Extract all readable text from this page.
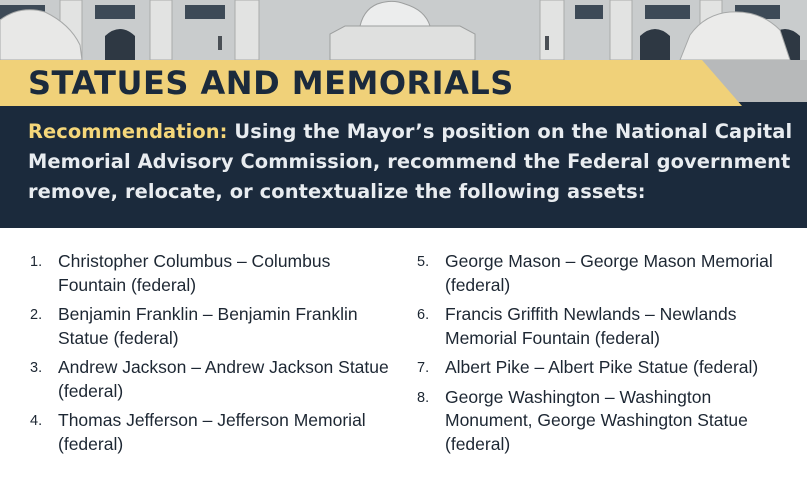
STATUES AND MEMORIALS
Recommendation: Using the Mayor’s position on the National Capital Memorial Advisory Commission, recommend the Federal government remove, relocate, or contextualize the following assets:
1. Christopher Columbus – Columbus Fountain (federal)
2. Benjamin Franklin – Benjamin Franklin Statue (federal)
3. Andrew Jackson – Andrew Jackson Statue (federal)
4. Thomas Jefferson – Jefferson Memorial (federal)
5. George Mason – George Mason Memorial (federal)
6. Francis Griffith Newlands – Newlands Memorial Fountain (federal)
7. Albert Pike – Albert Pike Statue (federal)
8. George Washington – Washington Monument, George Washington Statue (federal)
